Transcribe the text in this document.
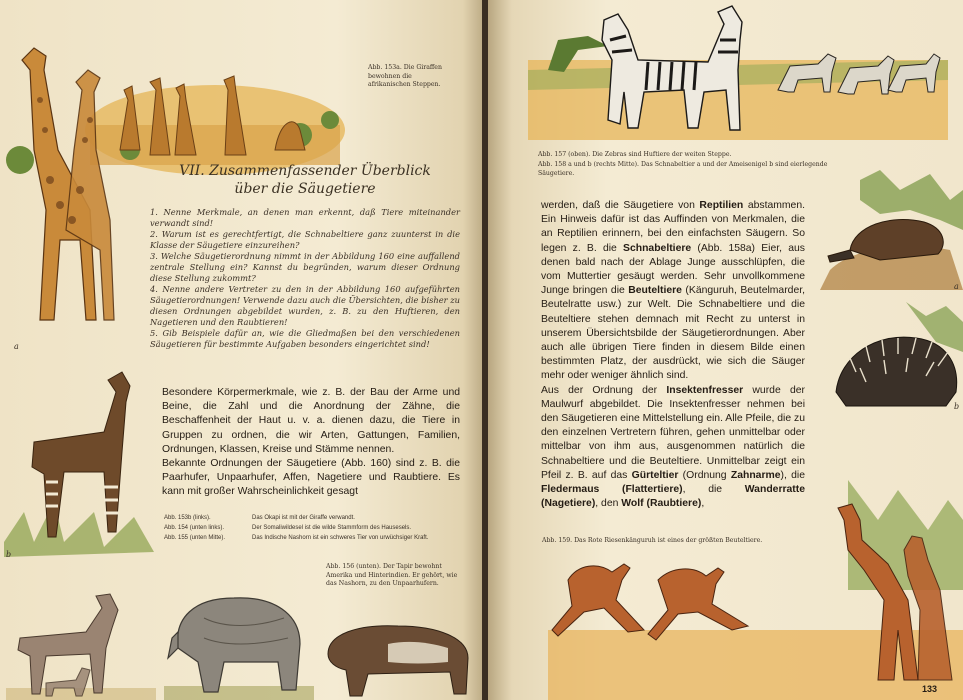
Abb. 153a. Die Giraffen bewohnen die afrikanischen Steppen.
a
VII. Zusammenfassender Überblick
über die Säugetiere
1. Nenne Merkmale, an denen man erkennt, daß Tiere miteinander verwandt sind!
2. Warum ist es gerechtfertigt, die Schnabeltiere ganz zuunterst in die Klasse der Säugetiere einzureihen?
3. Welche Säugetierordnung nimmt in der Abbildung 160 eine auffallend zentrale Stellung ein? Kannst du begründen, warum dieser Ordnung diese Stellung zukommt?
4. Nenne andere Vertreter zu den in der Abbildung 160 aufgeführten Säugetierordnungen! Verwende dazu auch die Übersichten, die bisher zu diesen Ordnungen abgebildet wurden, z. B. zu den Huftieren, den Nagetieren und den Raubtieren!
5. Gib Beispiele dafür an, wie die Gliedmaßen bei den verschiedenen Säugetieren für bestimmte Aufgaben besonders eingerichtet sind!
b

Besondere Körpermerkmale, wie z. B. der Bau der Arme und Beine, die Zahl und die Anordnung der Zähne, die Beschaffenheit der Haut u. v. a. dienen dazu, die Tiere in Gruppen zu ordnen, die wir Arten, Gattungen, Familien, Ordnungen, Klassen, Kreise und Stämme nennen.

Bekannte Ordnungen der Säugetiere (Abb. 160) sind z. B. die Paarhufer, Unpaarhufer, Affen, Nagetiere und Raubtiere. Es kann mit großer Wahrscheinlichkeit gesagt

Abb. 153b (links).	Das Okapi ist mit der Giraffe verwandt.
Abb. 154 (unten links).	Der Somaliwildesel ist die wilde Stammform des Hausesels.
Abb. 155 (unten Mitte).	Das Indische Nashorn ist ein schweres Tier von urwüchsiger Kraft.
Abb. 156 (unten). Der Tapir bewohnt Amerika und Hinterindien. Er gehört, wie das Nashorn, zu den Unpaarhufern.
Abb. 157 (oben). Die Zebras sind Huftiere der weiten Steppe.
Abb. 158 a und b (rechts Mitte). Das Schnabeltier a und der Ameisenigel b sind eierlegende Säugetiere.

werden, daß die Säugetiere von Reptilien abstammen. Ein Hinweis dafür ist das Auffinden von Merkmalen, die an Reptilien erinnern, bei den einfachsten Säugern. So legen z. B. die Schnabeltiere (Abb. 158a) Eier, aus denen bald nach der Ablage Junge ausschlüpfen, die vom Muttertier gesäugt werden. Sehr unvollkommene Junge bringen die Beuteltiere (Känguruh, Beutelmarder, Beutelratte usw.) zur Welt. Die Schnabeltiere und die Beuteltiere stehen demnach mit Recht zu unterst in unserem Übersichtsbilde der Säugetierordnungen. Aber auch alle übrigen Tiere finden in diesem Bilde einen bestimmten Platz, der ausdrückt, wie sich die Säuger mehr oder weniger ähnlich sind.

Aus der Ordnung der Insektenfresser wurde der Maulwurf abgebildet. Die Insektenfresser nehmen bei den Säugetieren eine Mittelstellung ein. Alle Pfeile, die zu den einzelnen Vertretern führen, gehen unmittelbar oder mittelbar von ihm aus, ausgenommen natürlich die Schnabeltiere und die Beuteltiere. Unmittelbar zeigt ein Pfeil z. B. auf das Gürteltier (Ordnung Zahnarme), die Fledermaus (Flattertiere), die Wanderratte (Nagetiere), den Wolf (Raubtiere),

a
b
Abb. 159. Das Rote Riesenkänguruh ist eines der größten Beuteltiere.
133
